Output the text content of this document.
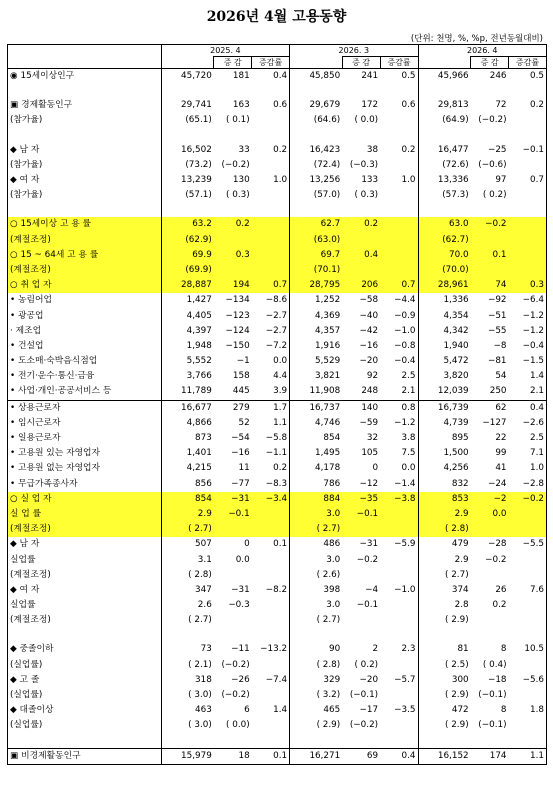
2026년 4월 고용동향
(단위: 천명, %, %p, 전년동월대비)
	2025. 4			2026. 3			2026. 4		
		증 감	증감률		증 감	증감률		증 감	증감률
◉ 15세이상인구	45,720	181	0.4	45,850	241	0.5	45,966	246	0.5

▣ 경제활동인구	29,741	163	0.6	29,679	172	0.6	29,813	72	0.2
(참가율)	(65.1)	( 0.1)		(64.6)	( 0.0)		(64.9)	(−0.2)	

◆ 남 자	16,502	33	0.2	16,423	38	0.2	16,477	−25	−0.1
(참가율)	(73.2)	(−0.2)		(72.4)	(−0.3)		(72.6)	(−0.6)	
◆ 여 자	13,239	130	1.0	13,256	133	1.0	13,336	97	0.7
(참가율)	(57.1)	( 0.3)		(57.0)	( 0.3)		(57.3)	( 0.2)	

○ 15세이상 고 용 률	63.2	0.2		62.7	0.2		63.0	−0.2	
(계절조정)	(62.9)			(63.0)			(62.7)		
○ 15 ~ 64세 고 용 률	69.9	0.3		69.7	0.4		70.0	0.1	
(계절조정)	(69.9)			(70.1)			(70.0)		
○ 취 업 자	28,887	194	0.7	28,795	206	0.7	28,961	74	0.3
• 농림어업	1,427	−134	−8.6	1,252	−58	−4.4	1,336	−92	−6.4
• 광공업	4,405	−123	−2.7	4,369	−40	−0.9	4,354	−51	−1.2
· 제조업	4,397	−124	−2.7	4,357	−42	−1.0	4,342	−55	−1.2
• 건설업	1,948	−150	−7.2	1,916	−16	−0.8	1,940	−8	−0.4
• 도소매·숙박음식점업	5,552	−1	0.0	5,529	−20	−0.4	5,472	−81	−1.5
• 전기·운수·통신·금융	3,766	158	4.4	3,821	92	2.5	3,820	54	1.4
• 사업·개인·공공서비스 등	11,789	445	3.9	11,908	248	2.1	12,039	250	2.1
• 상용근로자	16,677	279	1.7	16,737	140	0.8	16,739	62	0.4
• 임시근로자	4,866	52	1.1	4,746	−59	−1.2	4,739	−127	−2.6
• 일용근로자	873	−54	−5.8	854	32	3.8	895	22	2.5
• 고용원 있는 자영업자	1,401	−16	−1.1	1,495	105	7.5	1,500	99	7.1
• 고용원 없는 자영업자	4,215	11	0.2	4,178	0	0.0	4,256	41	1.0
• 무급가족종사자	856	−77	−8.3	786	−12	−1.4	832	−24	−2.8
○ 실 업 자	854	−31	−3.4	884	−35	−3.8	853	−2	−0.2
실 업 률	2.9	−0.1		3.0	−0.1		2.9	0.0	
(계절조정)	( 2.7)			( 2.7)			( 2.8)		
◆ 남 자	507	0	0.1	486	−31	−5.9	479	−28	−5.5
실업률	3.1	0.0		3.0	−0.2		2.9	−0.2	
(계절조정)	( 2.8)			( 2.6)			( 2.7)		
◆ 여 자	347	−31	−8.2	398	−4	−1.0	374	26	7.6
실업률	2.6	−0.3		3.0	−0.1		2.8	0.2	
(계절조정)	( 2.7)			( 2.7)			( 2.9)		

◆ 중졸이하	73	−11	−13.2	90	2	2.3	81	8	10.5
(실업률)	( 2.1)	(−0.2)		( 2.8)	( 0.2)		( 2.5)	( 0.4)	
◆ 고 졸	318	−26	−7.4	329	−20	−5.7	300	−18	−5.6
(실업률)	( 3.0)	(−0.2)		( 3.2)	(−0.1)		( 2.9)	(−0.1)	
◆ 대졸이상	463	6	1.4	465	−17	−3.5	472	8	1.8
(실업률)	( 3.0)	( 0.0)		( 2.9)	(−0.2)		( 2.9)	(−0.1)	

▣ 비경제활동인구	15,979	18	0.1	16,271	69	0.4	16,152	174	1.1
